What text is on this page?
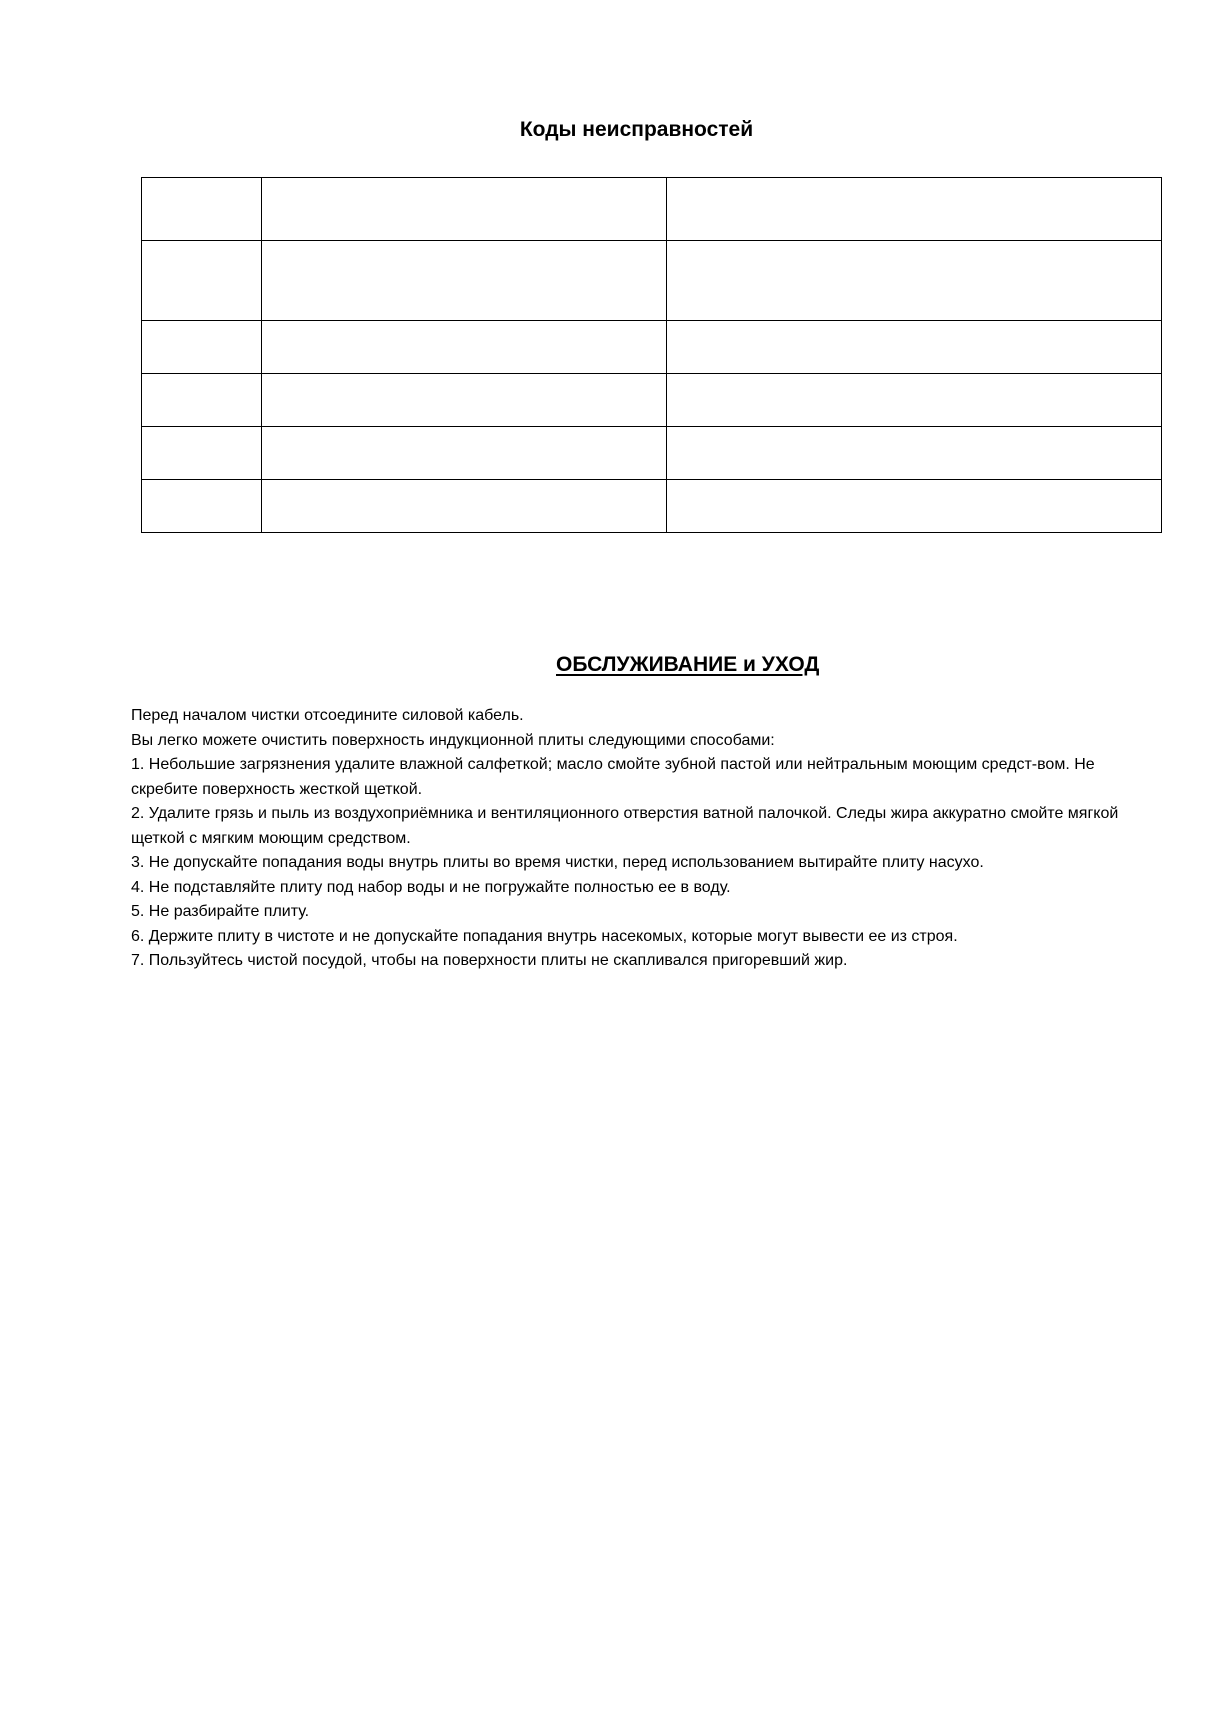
Коды неисправностей

ОБСЛУЖИВАНИЕ и УХОД

Перед началом чистки отсоедините силовой кабель.

Вы легко можете очистить поверхность индукционной плиты следующими способами:

1. Небольшие загрязнения удалите влажной салфеткой; масло смойте зубной пастой или нейтральным моющим средст-вом. Не скребите поверхность жесткой щеткой.

2. Удалите грязь и пыль из воздухоприёмника и вентиляционного отверстия ватной палочкой. Следы жира аккуратно смойте мягкой щеткой с мягким моющим средством.

3. Не допускайте попадания воды внутрь плиты во время чистки, перед использованием вытирайте плиту насухо.

4. Не подставляйте плиту под набор воды и не погружайте полностью ее в воду.

5. Не разбирайте плиту.

6. Держите плиту в чистоте и не допускайте попадания внутрь насекомых, которые могут вывести ее из строя.

7. Пользуйтесь чистой посудой, чтобы на поверхности плиты не скапливался пригоревший жир.
